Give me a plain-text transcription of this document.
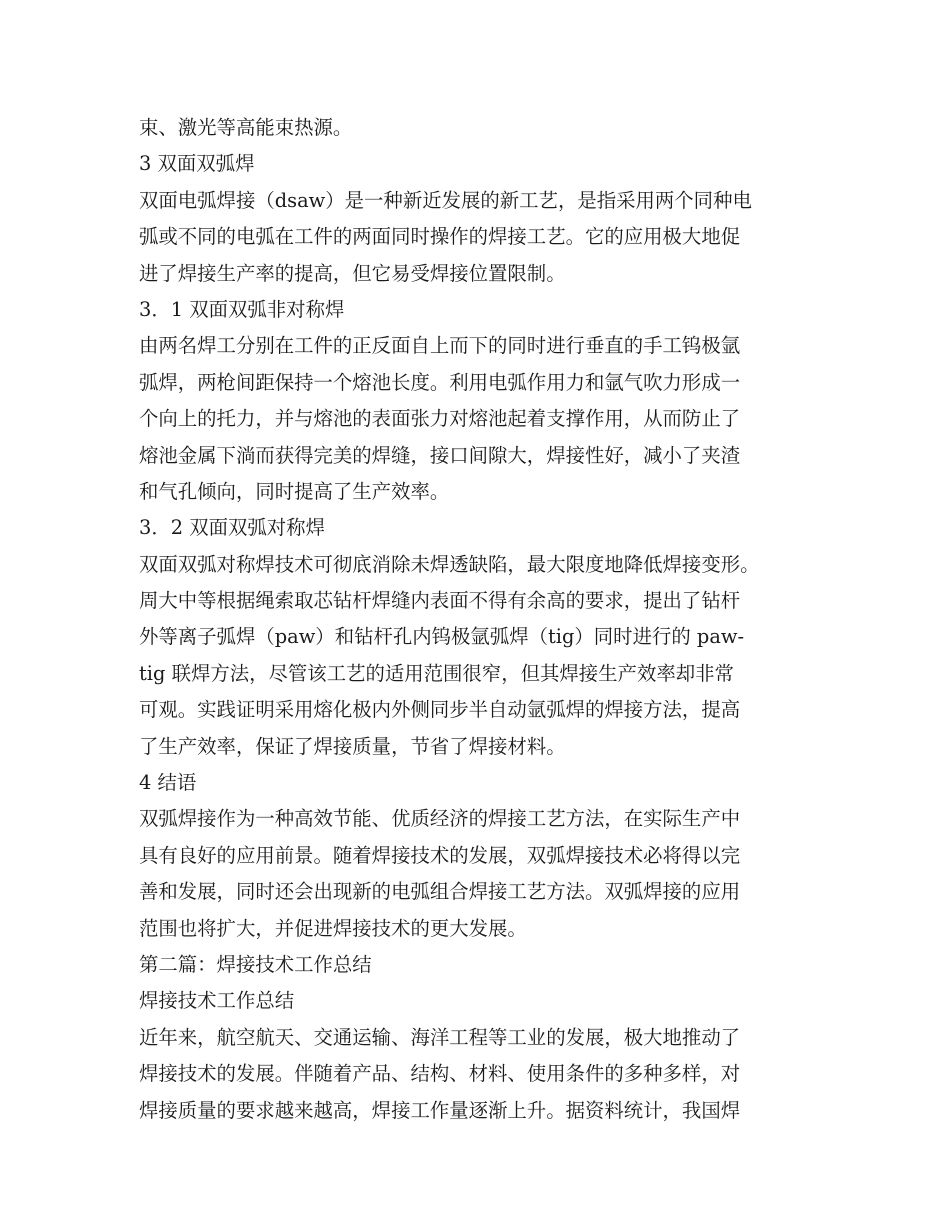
束、激光等高能束热源。
3 双面双弧焊
双面电弧焊接（dsaw）是一种新近发展的新工艺，是指采用两个同种电
弧或不同的电弧在工件的两面同时操作的焊接工艺。它的应用极大地促
进了焊接生产率的提高，但它易受焊接位置限制。
3．1 双面双弧非对称焊
由两名焊工分别在工件的正反面自上而下的同时进行垂直的手工钨极氩
弧焊，两枪间距保持一个熔池长度。利用电弧作用力和氩气吹力形成一
个向上的托力，并与熔池的表面张力对熔池起着支撑作用，从而防止了
熔池金属下淌而获得完美的焊缝，接口间隙大，焊接性好，减小了夹渣
和气孔倾向，同时提高了生产效率。
3．2 双面双弧对称焊
双面双弧对称焊技术可彻底消除未焊透缺陷，最大限度地降低焊接变形。
周大中等根据绳索取芯钻杆焊缝内表面不得有余高的要求，提出了钻杆
外等离子弧焊（paw）和钻杆孔内钨极氩弧焊（tig）同时进行的 paw-
tig 联焊方法，尽管该工艺的适用范围很窄，但其焊接生产效率却非常
可观。实践证明采用熔化极内外侧同步半自动氩弧焊的焊接方法，提高
了生产效率，保证了焊接质量，节省了焊接材料。
4 结语
双弧焊接作为一种高效节能、优质经济的焊接工艺方法，在实际生产中
具有良好的应用前景。随着焊接技术的发展，双弧焊接技术必将得以完
善和发展，同时还会出现新的电弧组合焊接工艺方法。双弧焊接的应用
范围也将扩大，并促进焊接技术的更大发展。
第二篇：焊接技术工作总结
焊接技术工作总结
近年来，航空航天、交通运输、海洋工程等工业的发展，极大地推动了
焊接技术的发展。伴随着产品、结构、材料、使用条件的多种多样，对
焊接质量的要求越来越高，焊接工作量逐渐上升。据资料统计，我国焊
